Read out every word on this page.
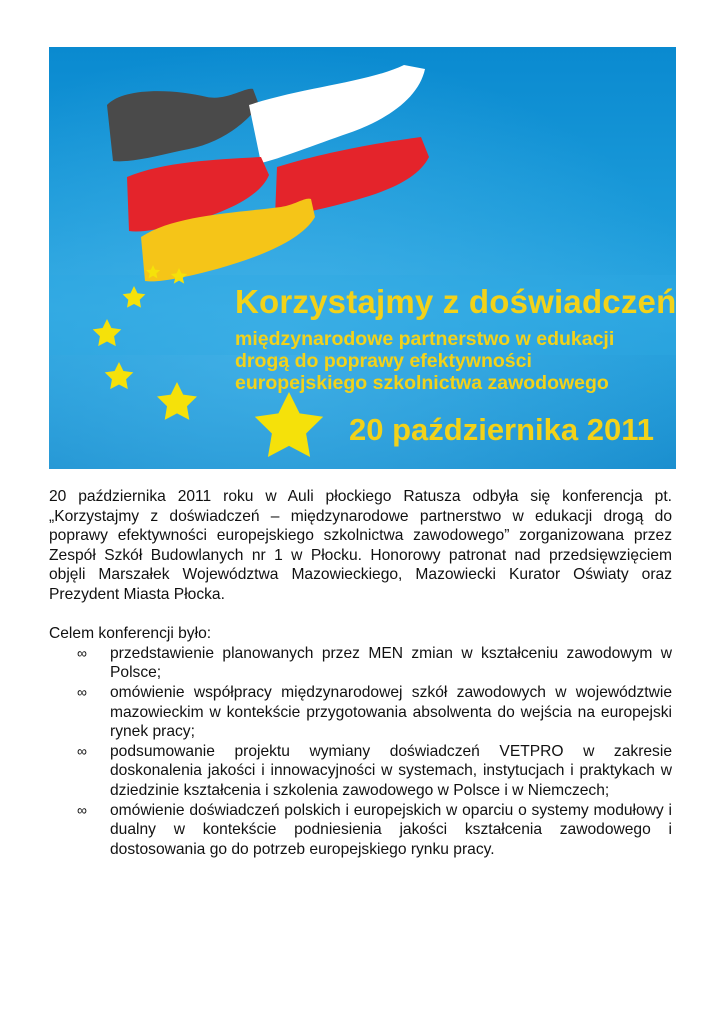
Korzystajmy z doświadczeń
międzynarodowe partnerstwo w edukacji
drogą do poprawy efektywności
europejskiego szkolnictwa zawodowego
20 października 2011

20 października 2011 roku w Auli płockiego Ratusza odbyła się konferencja pt. „Korzystajmy z doświadczeń – międzynarodowe partnerstwo w edukacji drogą do poprawy efektywności europejskiego szkolnictwa zawodowego” zorganizowana przez Zespół Szkół Budowlanych nr 1 w Płocku. Honorowy patronat nad przedsięwzięciem objęli Marszałek Województwa Mazowieckiego, Mazowiecki Kurator Oświaty oraz Prezydent Miasta Płocka.

Celem konferencji było:

∞ przedstawienie planowanych przez MEN zmian w kształceniu zawodowym w Polsce;
∞ omówienie współpracy międzynarodowej szkół zawodowych w województwie mazowieckim w kontekście przygotowania absolwenta do wejścia na europejski rynek pracy;
∞ podsumowanie projektu wymiany doświadczeń VETPRO w zakresie doskonalenia jakości i innowacyjności w systemach, instytucjach i praktykach w dziedzinie kształcenia i szkolenia zawodowego w Polsce i w Niemczech;
∞ omówienie doświadczeń polskich i europejskich w oparciu o systemy modułowy i dualny w kontekście podniesienia jakości kształcenia zawodowego i dostosowania go do potrzeb europejskiego rynku pracy.
